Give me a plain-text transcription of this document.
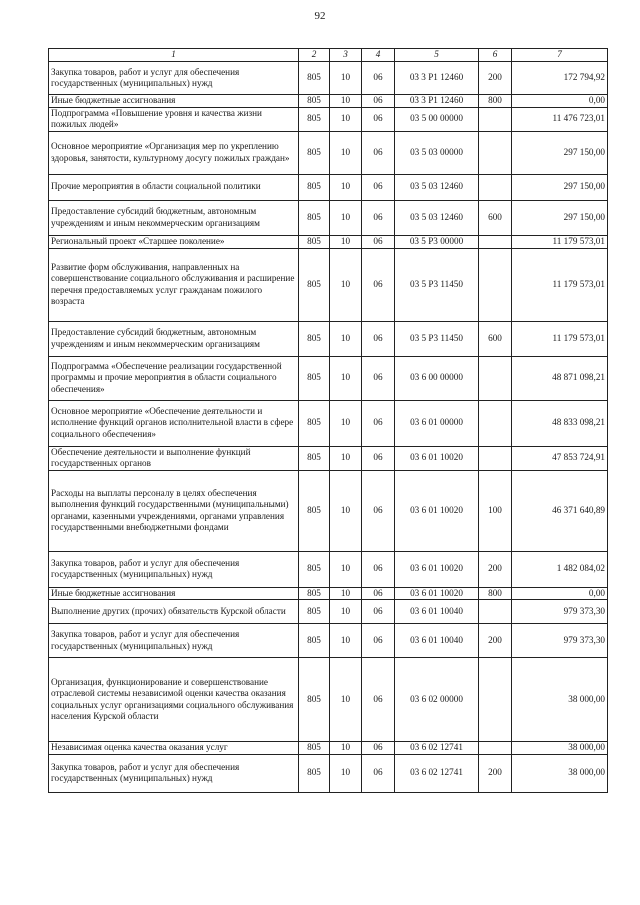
92
1	2	3	4	5	6	7
Закупка товаров, работ и услуг для обеспечения государственных (муниципальных) нужд	805	10	06	03 3 Р1 12460	200	172 794,92
Иные бюджетные ассигнования	805	10	06	03 3 Р1 12460	800	0,00
Подпрограмма «Повышение уровня и качества жизни пожилых людей»	805	10	06	03 5 00 00000		11 476 723,01
Основное мероприятие «Организация мер по укреплению здоровья, занятости, культурному досугу пожилых граждан»	805	10	06	03 5 03 00000		297 150,00
Прочие мероприятия в области социальной политики	805	10	06	03 5 03 12460		297 150,00
Предоставление субсидий бюджетным, автономным учреждениям и иным некоммерческим организациям	805	10	06	03 5 03 12460	600	297 150,00
Региональный проект «Старшее поколение»	805	10	06	03 5 Р3 00000		11 179 573,01
Развитие форм обслуживания, направленных на совершенствование социального обслуживания и расширение перечня предоставляемых услуг гражданам пожилого возраста	805	10	06	03 5 Р3 11450		11 179 573,01
Предоставление субсидий бюджетным, автономным учреждениям и иным некоммерческим организациям	805	10	06	03 5 Р3 11450	600	11 179 573,01
Подпрограмма «Обеспечение реализации государственной программы и прочие мероприятия в области социального обеспечения»	805	10	06	03 6 00 00000		48 871 098,21
Основное мероприятие «Обеспечение деятельности и исполнение функций органов исполнительной власти в сфере социального обеспечения»	805	10	06	03 6 01 00000		48 833 098,21
Обеспечение деятельности и выполнение функций государственных органов	805	10	06	03 6 01 10020		47 853 724,91
Расходы на выплаты персоналу в целях обеспечения выполнения функций государственными (муниципальными) органами, казенными учреждениями, органами управления государственными внебюджетными фондами	805	10	06	03 6 01 10020	100	46 371 640,89
Закупка товаров, работ и услуг для обеспечения государственных (муниципальных) нужд	805	10	06	03 6 01 10020	200	1 482 084,02
Иные бюджетные ассигнования	805	10	06	03 6 01 10020	800	0,00
Выполнение других (прочих) обязательств Курской области	805	10	06	03 6 01 10040		979 373,30
Закупка товаров, работ и услуг для обеспечения государственных (муниципальных) нужд	805	10	06	03 6 01 10040	200	979 373,30
Организация, функционирование и совершенствование отраслевой системы независимой оценки качества оказания социальных услуг организациями социального обслуживания населения Курской области	805	10	06	03 6 02 00000		38 000,00
Независимая оценка качества оказания услуг	805	10	06	03 6 02 12741		38 000,00
Закупка товаров, работ и услуг для обеспечения государственных (муниципальных) нужд	805	10	06	03 6 02 12741	200	38 000,00
